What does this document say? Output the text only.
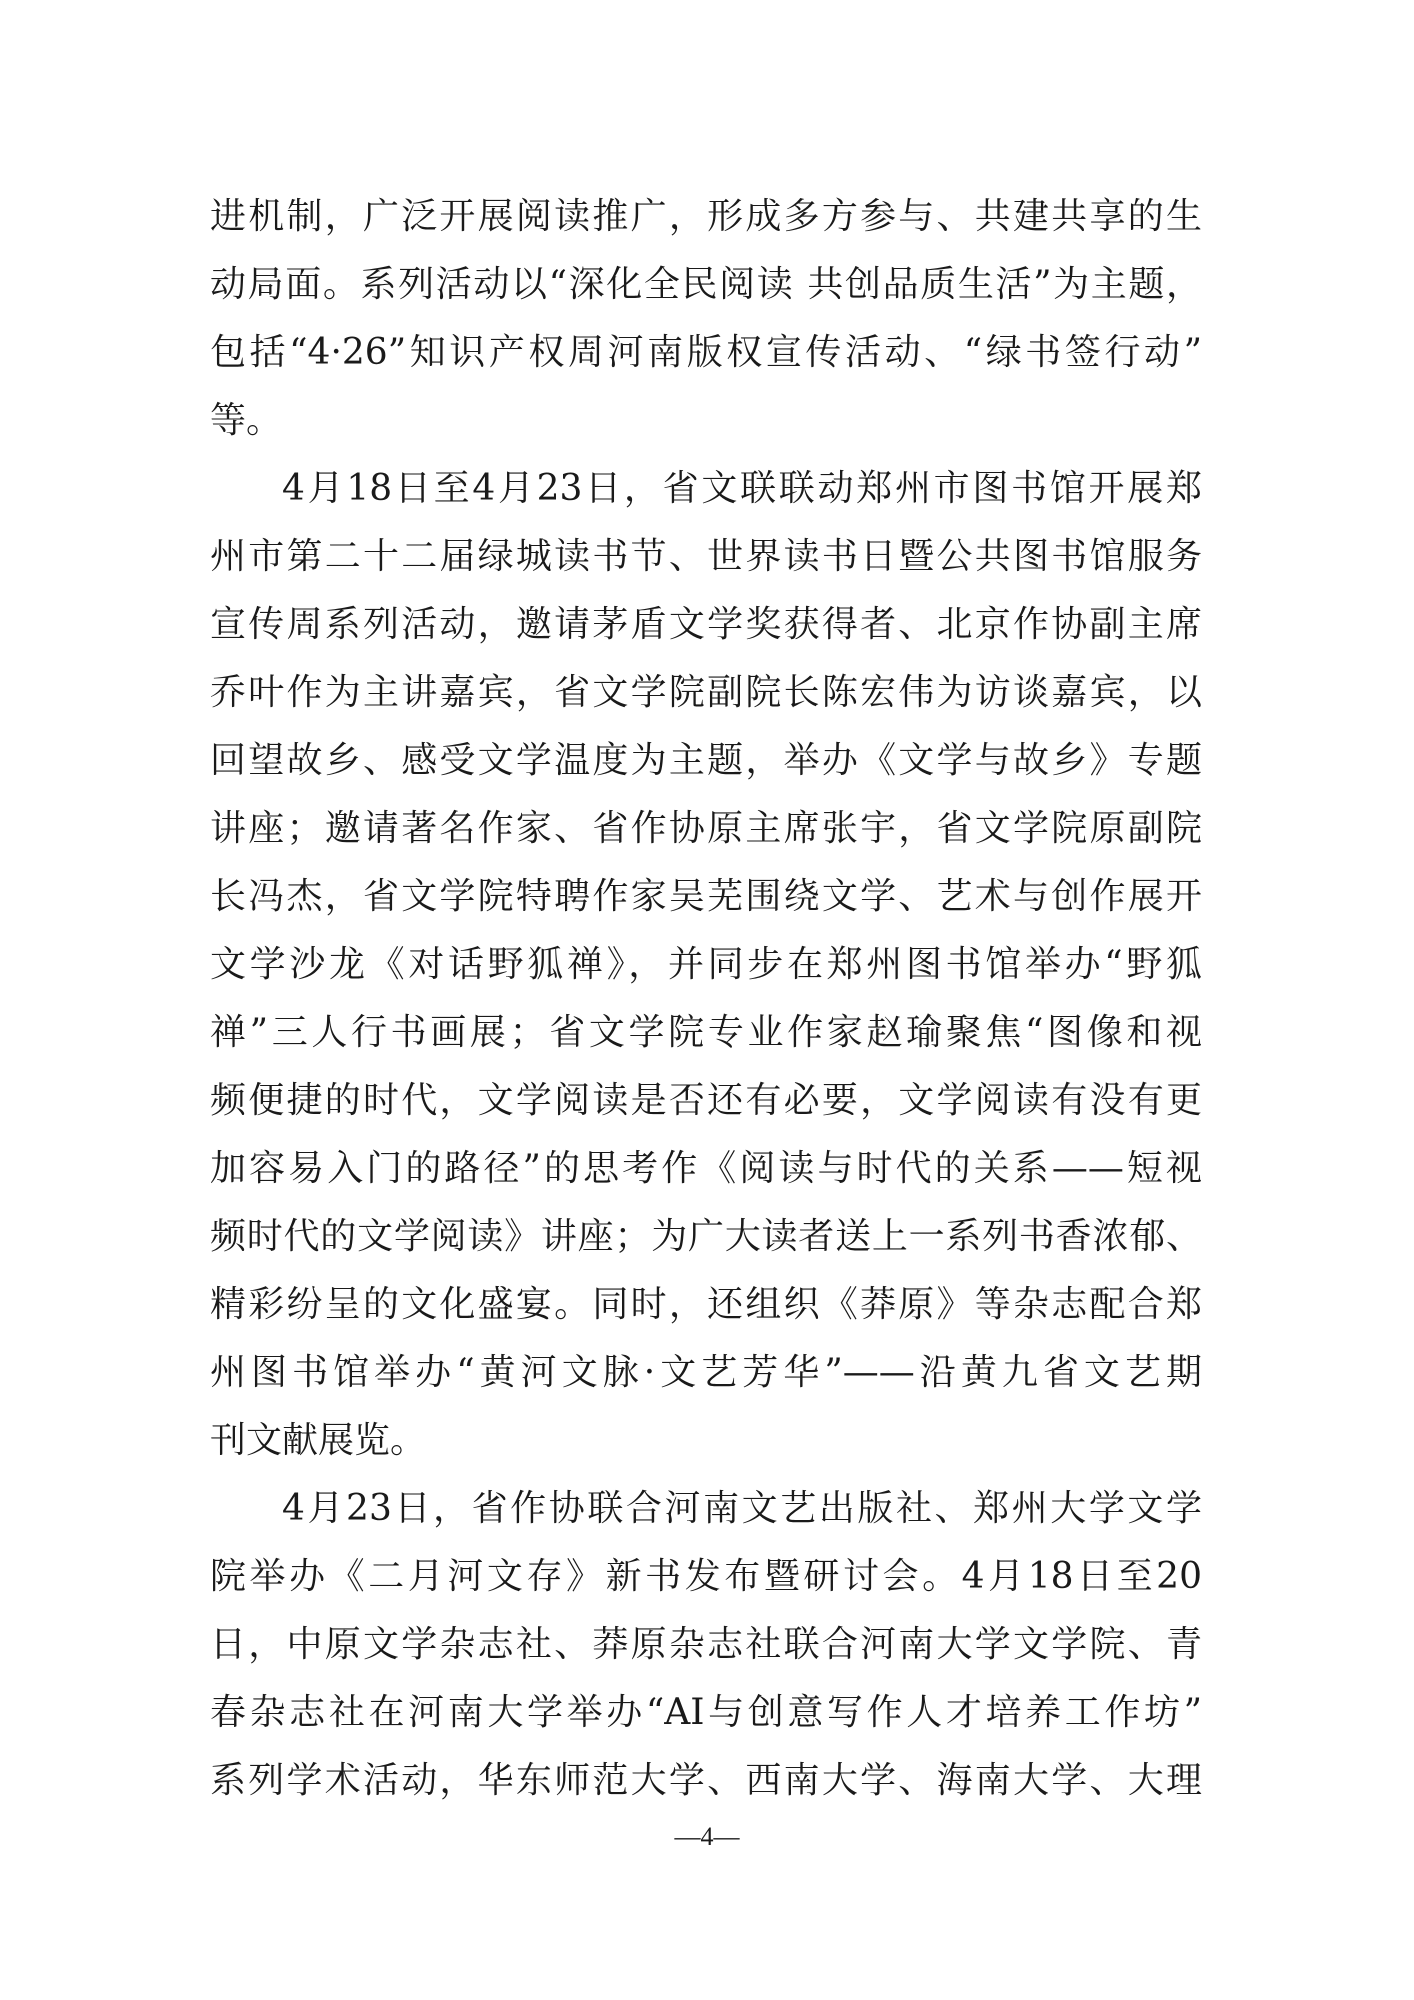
进机制，广泛开展阅读推广，形成多方参与、共建共享的生
动局面。系列活动以“深化全民阅读 共创品质生活”为主题，
包括“4·26”知识产权周河南版权宣传活动、“绿书签行动”
等。
4月18日至4月23日，省文联联动郑州市图书馆开展郑
州市第二十二届绿城读书节、世界读书日暨公共图书馆服务
宣传周系列活动，邀请茅盾文学奖获得者、北京作协副主席
乔叶作为主讲嘉宾，省文学院副院长陈宏伟为访谈嘉宾，以
回望故乡、感受文学温度为主题，举办《文学与故乡》专题
讲座；邀请著名作家、省作协原主席张宇，省文学院原副院
长冯杰，省文学院特聘作家吴芜围绕文学、艺术与创作展开
文学沙龙《对话野狐禅》，并同步在郑州图书馆举办“野狐
禅”三人行书画展；省文学院专业作家赵瑜聚焦“图像和视
频便捷的时代，文学阅读是否还有必要，文学阅读有没有更
加容易入门的路径”的思考作《阅读与时代的关系——短视
频时代的文学阅读》讲座；为广大读者送上一系列书香浓郁、
精彩纷呈的文化盛宴。同时，还组织《莽原》等杂志配合郑
州图书馆举办“黄河文脉·文艺芳华”——沿黄九省文艺期
刊文献展览。
4月23日，省作协联合河南文艺出版社、郑州大学文学
院举办《二月河文存》新书发布暨研讨会。4月18日至20
日，中原文学杂志社、莽原杂志社联合河南大学文学院、青
春杂志社在河南大学举办“AI与创意写作人才培养工作坊”
系列学术活动，华东师范大学、西南大学、海南大学、大理
—4—
